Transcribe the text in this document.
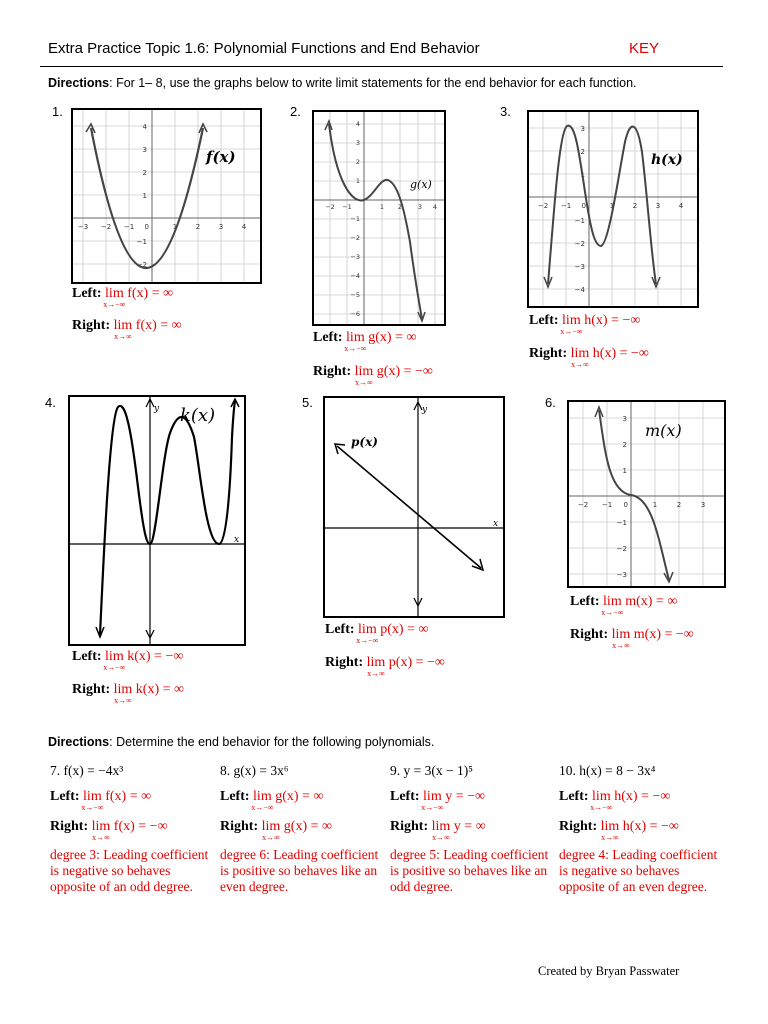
Extra Practice Topic 1.6: Polynomial Functions and End Behavior	KEY
Directions: For 1– 8, use the graphs below to write limit statements for the end behavior for each function.
1.
−3 −2 −1 0	1	2	3	4
4
3
2
1
−1
−2
f(x)
Left: lim
x→−∞
f(x) = ∞
Right: lim
x→∞
f(x) = ∞
2.
−2 −1	1 2 3 4
4
3
2
1
−1
−2
−3
−4
−5
−6
g(x)
Left: lim
x→−∞
g(x) = ∞
Right: lim
x→∞
g(x) = −∞
3.
−2 −1 0	1	2	3	4
3
2
1
−1
−2
−3
−4
h(x)
Left: lim
x→−∞
h(x) = −∞
Right: lim
x→∞
h(x) = −∞
4.	y
x
k(x)
Left: lim
x→−∞
k(x) = −∞
Right: lim
x→∞
k(x) = ∞
5.	y
x
p(x)
Left: lim
x→−∞
p(x) = ∞
Right: lim
x→∞
p(x) = −∞
6.
−2 −1 0	1	2	3
3
2
1
−1
−2
−3
m(x)
Left: lim
x→−∞
m(x) = ∞
Right: lim
x→∞
m(x) = −∞
Directions: Determine the end behavior for the following polynomials.
7. f(x) = −4x³
Left: lim
x→−∞
f(x) = ∞
Right: lim
x→∞
f(x) = −∞
degree 3: Leading coefficient is negative so behaves opposite of an odd degree.
8. g(x) = 3x⁶
Left: lim
x→−∞
g(x) = ∞
Right: lim
x→∞
g(x) = ∞
degree 6: Leading coefficient is positive so behaves like an even degree.
9. y = 3(x − 1)⁵
Left: lim
x→−∞
y = −∞
Right: lim
x→∞
y = ∞
degree 5: Leading coefficient is positive so behaves like an odd degree.
10. h(x) = 8 − 3x⁴
Left: lim
x→−∞
h(x) = −∞
Right: lim
x→∞
h(x) = −∞
degree 4: Leading coefficient is negative so behaves opposite of an even degree.
Created by Bryan Passwater
